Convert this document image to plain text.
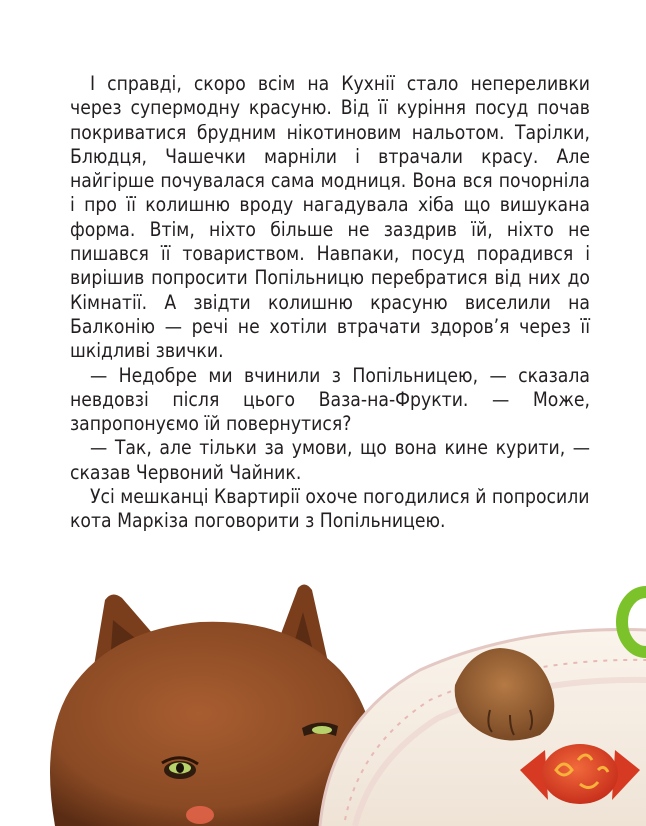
І справді, скоро всім на Кухнії стало непереливки через супермодну красуню. Від її куріння посуд почав покриватися брудним нікотиновим нальотом. Тарілки, Блюдця, Чашечки марніли і втрачали красу. Але найгірше почувалася сама модниця. Вона вся почорніла і про її колишню вроду нагадувала хіба що вишукана форма. Втім, ніхто більше не заздрив їй, ніхто не пишався її товариством. Навпаки, посуд порадився і вирішив попросити Попільницю перебратися від них до Кімнатії. А звідти колишню красуню виселили на Балконію — речі не хотіли втрачати здоров’я через її шкідливі звички.

— Недобре ми вчинили з Попільницею, — сказала невдовзі після цього Ваза-на-Фрукти. — Може, запропонуємо їй повернутися?

— Так, але тільки за умови, що вона кине курити, — сказав Червоний Чайник.

Усі мешканці Квартирії охоче погодилися й попросили кота Маркіза поговорити з Попільницею.
